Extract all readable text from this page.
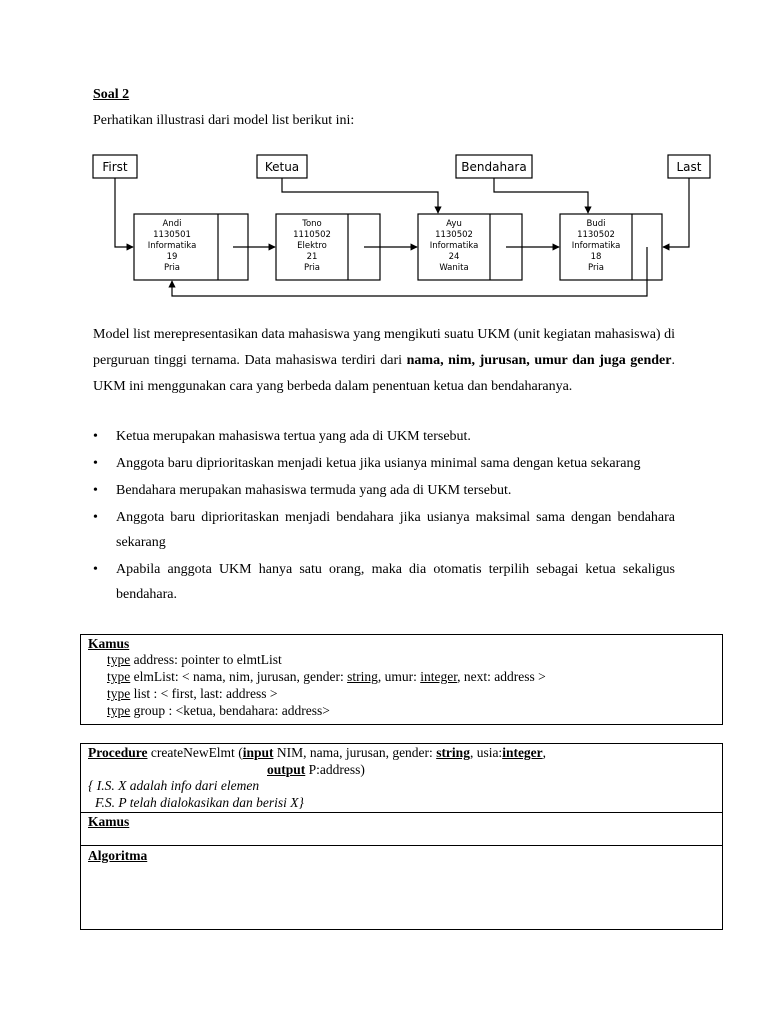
Soal 2
Perhatikan illustrasi dari model list berikut ini:
First	Ketua	Bendahara	Last
Andi
1130501
Informatika
19
Pria
Tono
1110502
Elektro
21
Pria
Ayu
1130502
Informatika
24
Wanita
Budi
1130502
Informatika
18
Pria
Model list merepresentasikan data mahasiswa yang mengikuti suatu UKM (unit kegiatan mahasiswa) di perguruan tinggi ternama. Data mahasiswa terdiri dari nama, nim, jurusan, umur dan juga gender. UKM ini menggunakan cara yang berbeda dalam penentuan ketua dan bendaharanya.
• Ketua merupakan mahasiswa tertua yang ada di UKM tersebut.
• Anggota baru diprioritaskan menjadi ketua jika usianya minimal sama dengan ketua sekarang
• Bendahara merupakan mahasiswa termuda yang ada di UKM tersebut.
• Anggota baru diprioritaskan menjadi bendahara jika usianya maksimal sama dengan bendahara sekarang
• Apabila anggota UKM hanya satu orang, maka dia otomatis terpilih sebagai ketua sekaligus bendahara.
Kamus
type address: pointer to elmtList
type elmList: < nama, nim, jurusan, gender: string, umur: integer, next: address >
type list : < first, last: address >
type group : <ketua, bendahara: address>
Procedure createNewElmt (input NIM, nama, jurusan, gender: string, usia:integer,
output P:address)
{ I.S. X adalah info dari elemen
F.S. P telah dialokasikan dan berisi X}
Kamus
Algoritma
